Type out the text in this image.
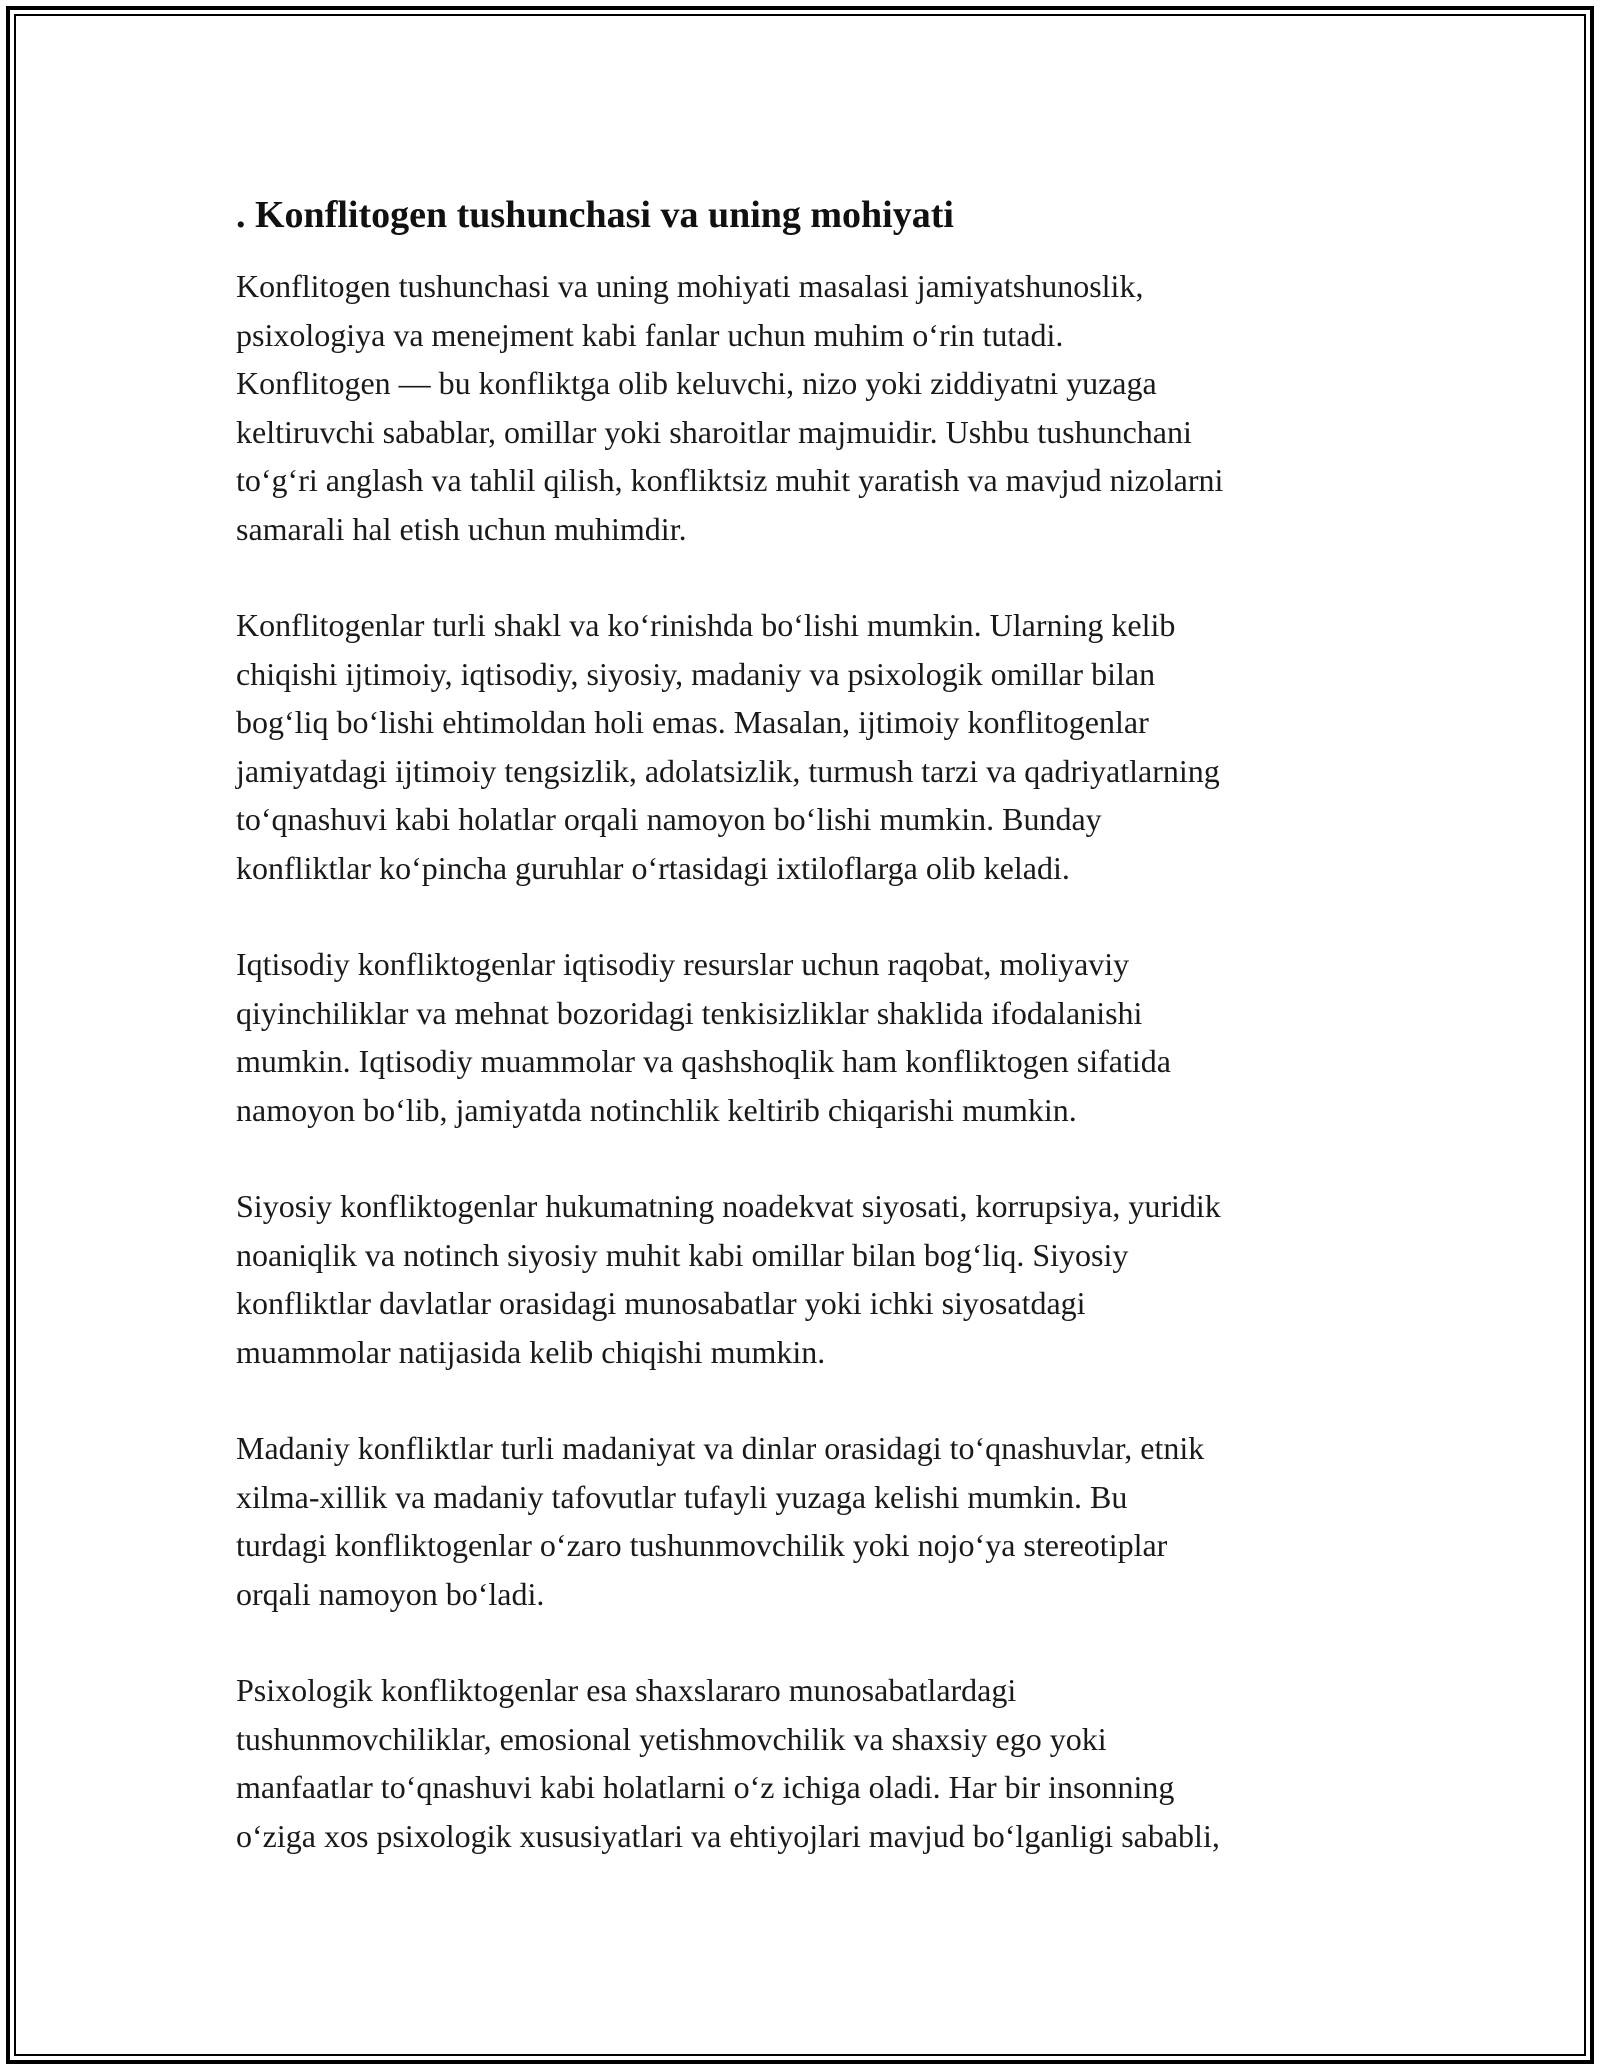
. Konflitogen tushunchasi va uning mohiyati

Konflitogen tushunchasi va uning mohiyati masalasi jamiyatshunoslik,
psixologiya va menejment kabi fanlar uchun muhim o‘rin tutadi.
Konflitogen — bu konfliktga olib keluvchi, nizo yoki ziddiyatni yuzaga
keltiruvchi sabablar, omillar yoki sharoitlar majmuidir. Ushbu tushunchani
to‘g‘ri anglash va tahlil qilish, konfliktsiz muhit yaratish va mavjud nizolarni
samarali hal etish uchun muhimdir.

Konflitogenlar turli shakl va ko‘rinishda bo‘lishi mumkin. Ularning kelib
chiqishi ijtimoiy, iqtisodiy, siyosiy, madaniy va psixologik omillar bilan
bog‘liq bo‘lishi ehtimoldan holi emas. Masalan, ijtimoiy konflitogenlar
jamiyatdagi ijtimoiy tengsizlik, adolatsizlik, turmush tarzi va qadriyatlarning
to‘qnashuvi kabi holatlar orqali namoyon bo‘lishi mumkin. Bunday
konfliktlar ko‘pincha guruhlar o‘rtasidagi ixtiloflarga olib keladi.

Iqtisodiy konfliktogenlar iqtisodiy resurslar uchun raqobat, moliyaviy
qiyinchiliklar va mehnat bozoridagi tenkisizliklar shaklida ifodalanishi
mumkin. Iqtisodiy muammolar va qashshoqlik ham konfliktogen sifatida
namoyon bo‘lib, jamiyatda notinchlik keltirib chiqarishi mumkin.

Siyosiy konfliktogenlar hukumatning noadekvat siyosati, korrupsiya, yuridik
noaniqlik va notinch siyosiy muhit kabi omillar bilan bog‘liq. Siyosiy
konfliktlar davlatlar orasidagi munosabatlar yoki ichki siyosatdagi
muammolar natijasida kelib chiqishi mumkin.

Madaniy konfliktlar turli madaniyat va dinlar orasidagi to‘qnashuvlar, etnik
xilma-xillik va madaniy tafovutlar tufayli yuzaga kelishi mumkin. Bu
turdagi konfliktogenlar o‘zaro tushunmovchilik yoki nojo‘ya stereotiplar
orqali namoyon bo‘ladi.

Psixologik konfliktogenlar esa shaxslararo munosabatlardagi
tushunmovchiliklar, emosional yetishmovchilik va shaxsiy ego yoki
manfaatlar to‘qnashuvi kabi holatlarni o‘z ichiga oladi. Har bir insonning
o‘ziga xos psixologik xususiyatlari va ehtiyojlari mavjud bo‘lganligi sababli,
